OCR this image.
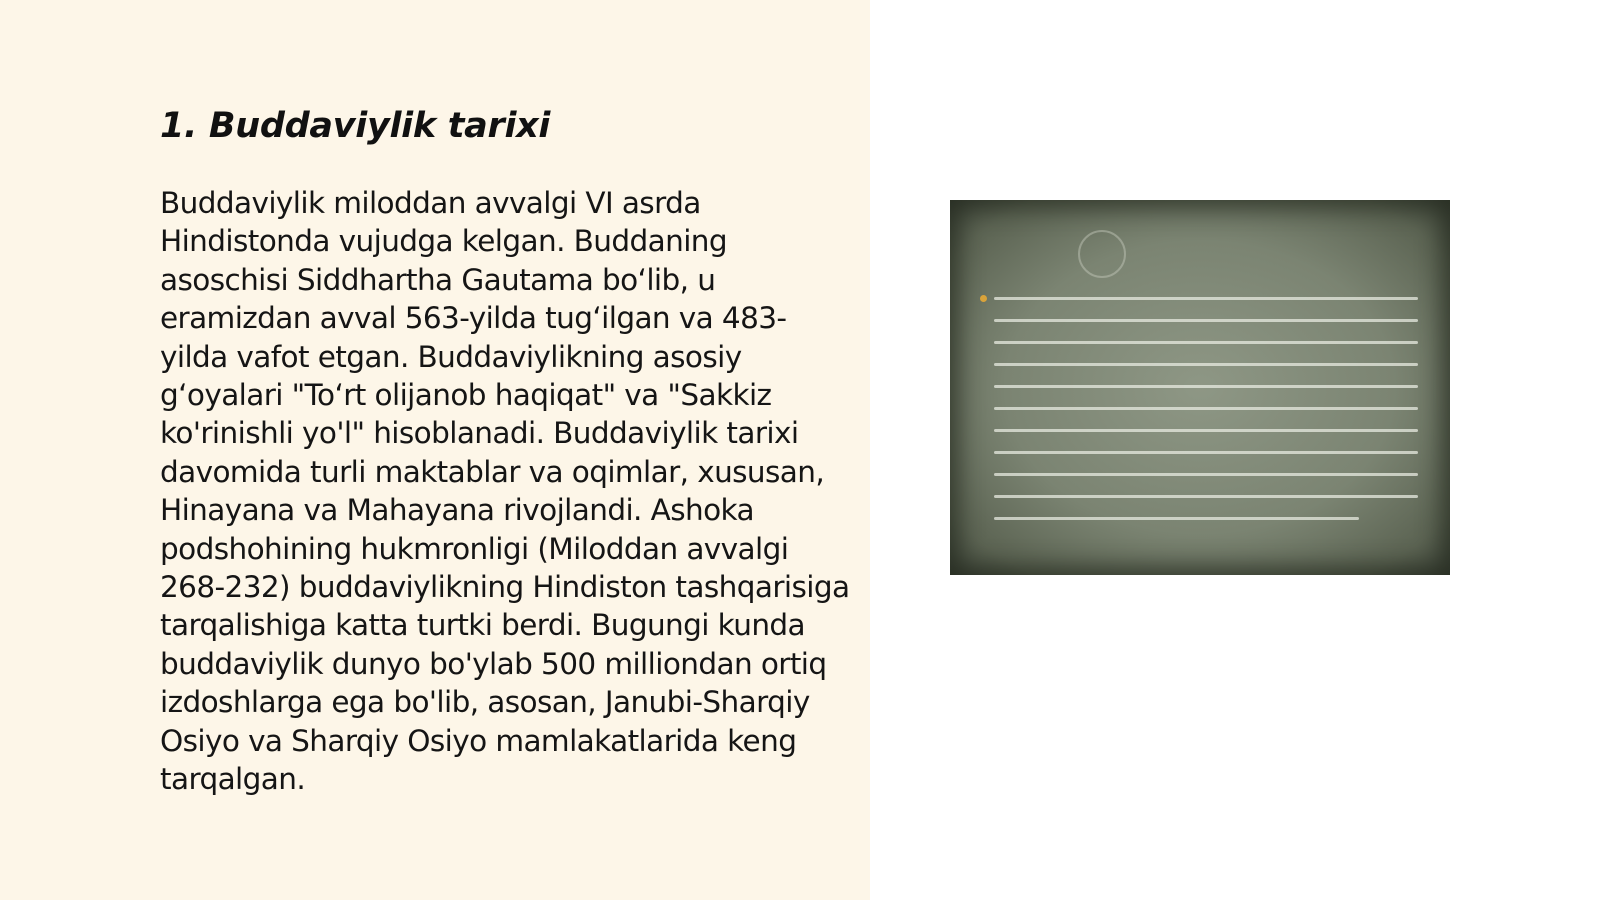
1. Buddaviylik tarixi

Buddaviylik miloddan avvalgi VI asrda Hindistonda vujudga kelgan. Buddaning asoschisi Siddhartha Gautama bo‘lib, u eramizdan avval 563-yilda tug‘ilgan va 483-yilda vafot etgan. Buddaviylikning asosiy g‘oyalari "To‘rt olijanob haqiqat" va "Sakkiz ko'rinishli yo'l" hisoblanadi. Buddaviylik tarixi davomida turli maktablar va oqimlar, xususan, Hinayana va Mahayana rivojlandi. Ashoka podshohining hukmronligi (Miloddan avvalgi 268-232) buddaviylikning Hindiston tashqarisiga tarqalishiga katta turtki berdi. Bugungi kunda buddaviylik dunyo bo'ylab 500 milliondan ortiq izdoshlarga ega bo'lib, asosan, Janubi-Sharqiy Osiyo va Sharqiy Osiyo mamlakatlarida keng tarqalgan.
